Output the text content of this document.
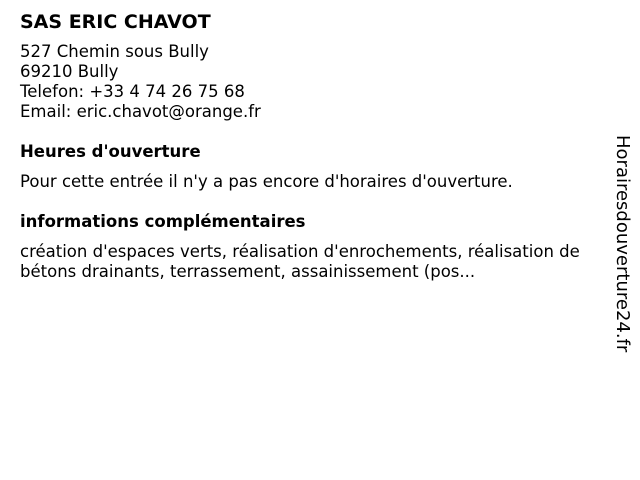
SAS ERIC CHAVOT
527 Chemin sous Bully
69210 Bully
Telefon: +33 4 74 26 75 68
Email: eric.chavot@orange.fr
Heures d'ouverture
Pour cette entrée il n'y a pas encore d'horaires d'ouverture.
informations complémentaires
création d'espaces verts, réalisation d'enrochements, réalisation de bétons drainants, terrassement, assainissement (pos...	Horairesdouverture24.fr
